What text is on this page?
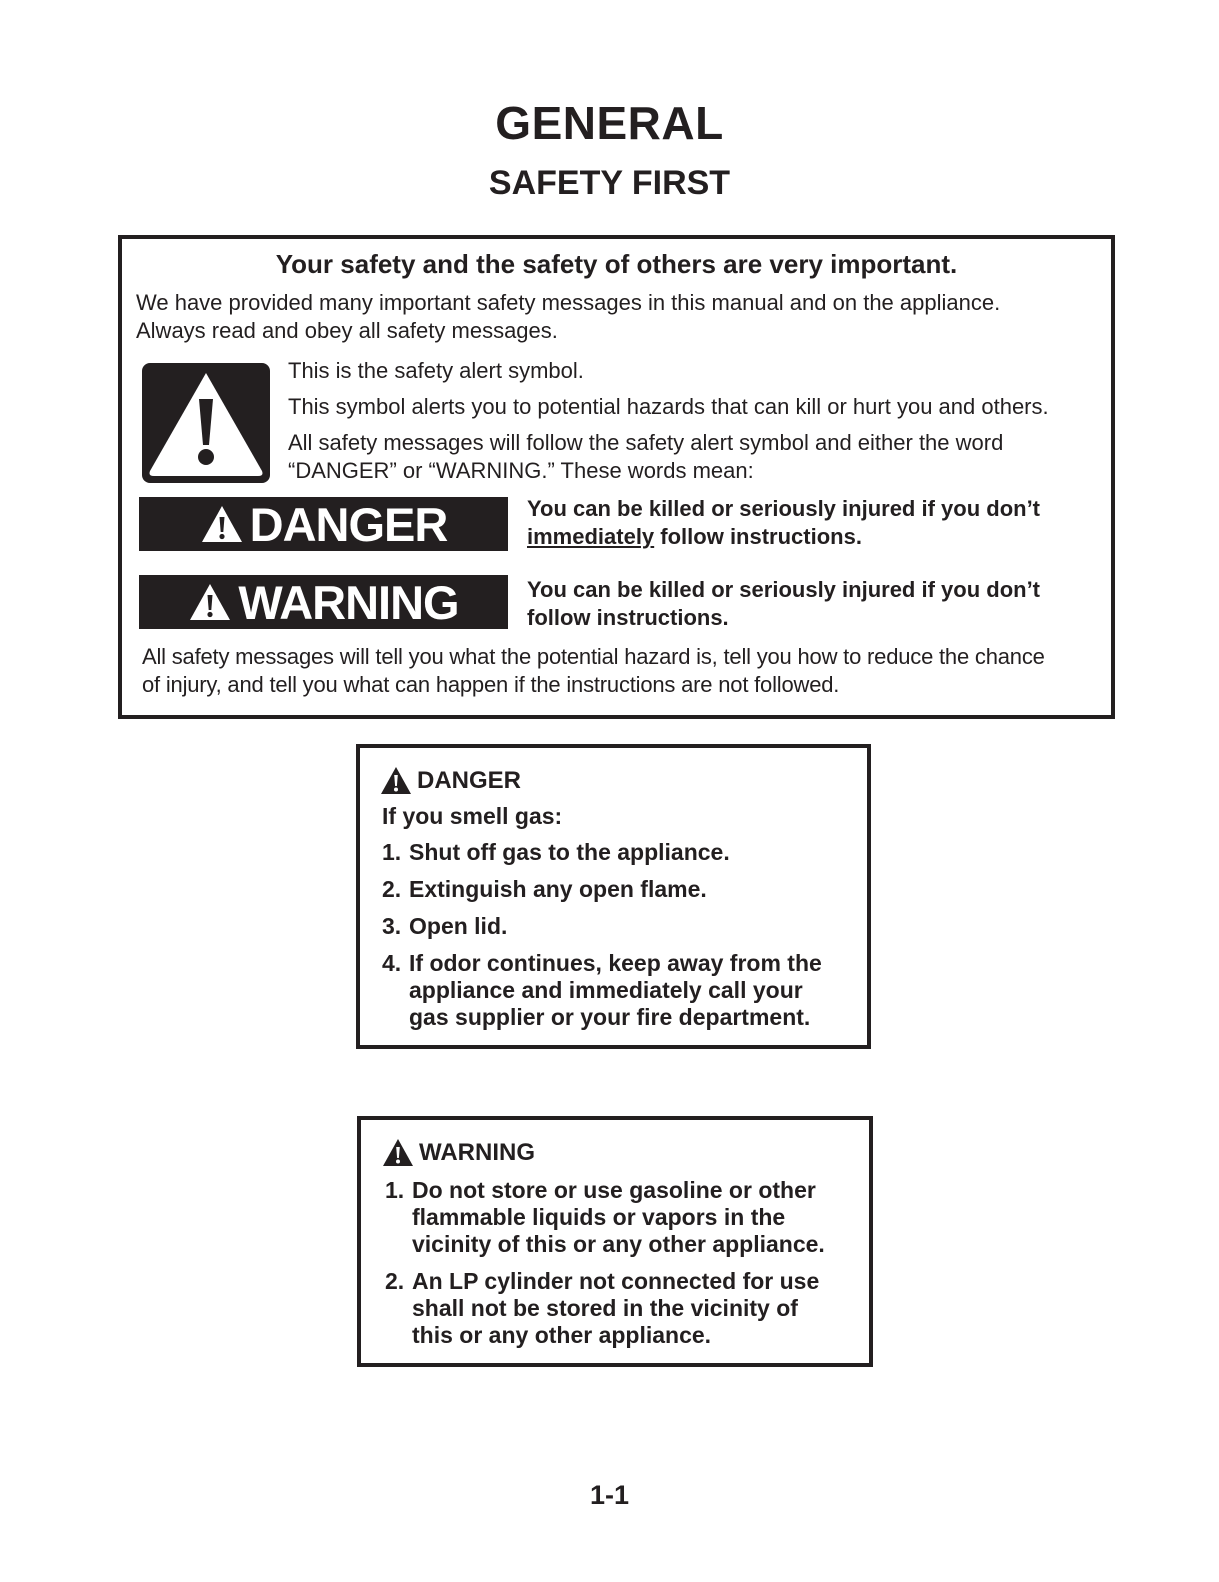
GENERAL
SAFETY FIRST
Your safety and the safety of others are very important.
We have provided many important safety messages in this manual and on the appliance.
Always read and obey all safety messages.
This is the safety alert symbol.
This symbol alerts you to potential hazards that can kill or hurt you and others.
All safety messages will follow the safety alert symbol and either the word
“DANGER” or “WARNING.” These words mean:
DANGER	You can be killed or seriously injured if you don’t
immediately follow instructions.
WARNING	You can be killed or seriously injured if you don’t
follow instructions.
All safety messages will tell you what the potential hazard is, tell you how to reduce the chance
of injury, and tell you what can happen if the instructions are not followed.
DANGER
If you smell gas:
1. Shut off gas to the appliance.
2. Extinguish any open flame.
3. Open lid.
4. If odor continues, keep away from the
appliance and immediately call your
gas supplier or your fire department.
WARNING
1. Do not store or use gasoline or other
flammable liquids or vapors in the
vicinity of this or any other appliance.
2. An LP cylinder not connected for use
shall not be stored in the vicinity of
this or any other appliance.
1-1
